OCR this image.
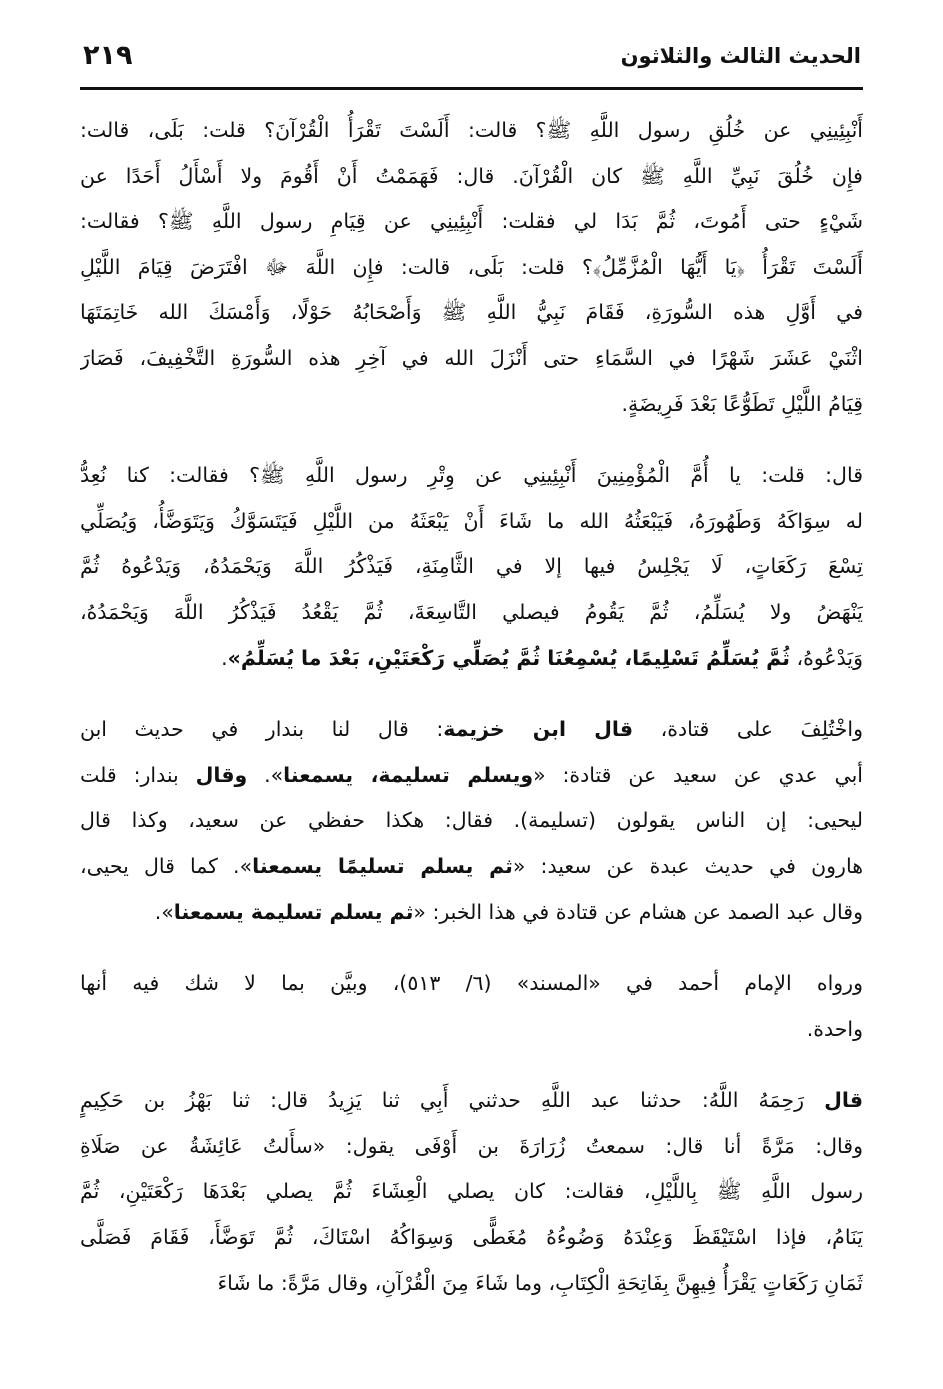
الحديث الثالث والثلاثون
٢١٩
أَنْبِئِينِي عن خُلُقِ رسول اللَّهِ ﷺ؟ قالت: أَلَسْتَ تَقْرَأُ الْقُرْآنَ؟ قلت: بَلَى، قالت:
فإِن خُلُقَ نَبِيِّ اللَّهِ ﷺ كان الْقُرْآنَ. قال: فَهَمَمْتُ أَنْ أَقُومَ ولا أَسْأَلُ أَحَدًا عن
شَيْءٍ حتى أَمُوتَ، ثُمَّ بَدَا لي فقلت: أَنْبِئِينِي عن قِيَامِ رسول اللَّهِ ﷺ؟ فقالت:
أَلَسْتَ تَقْرَأُ ﴿يَا أَيُّهَا الْمُزَّمِّلُ﴾؟ قلت: بَلَى، قالت: فإِن اللَّهَ ﷻ افْتَرَضَ قِيَامَ اللَّيْلِ
في أَوَّلِ هذه السُّورَةِ، فَقَامَ نَبِيُّ اللَّهِ ﷺ وَأَصْحَابُهُ حَوْلًا، وَأَمْسَكَ الله خَاتِمَتَهَا
اثْنَيْ عَشَرَ شَهْرًا في السَّمَاءِ حتى أَنْزَلَ الله في آخِرِ هذه السُّورَةِ التَّخْفِيفَ، فَصَارَ
قِيَامُ اللَّيْلِ تَطَوُّعًا بَعْدَ فَرِيضَةٍ.
قال: قلت: يا أُمَّ الْمُؤْمِنِينَ أَنْبِئِينِي عن وِتْرِ رسول اللَّهِ ﷺ؟ فقالت: كنا نُعِدُّ
له سِوَاكَهُ وَطَهُورَهُ، فَيَبْعَثُهُ الله ما شَاءَ أَنْ يَبْعَثَهُ من اللَّيْلِ فَيَتَسَوَّكُ وَيَتَوَضَّأُ، وَيُصَلِّي
تِسْعَ رَكَعَاتٍ، لَا يَجْلِسُ فيها إلا في الثَّامِنَةِ، فَيَذْكُرُ اللَّهَ وَيَحْمَدُهُ، وَيَدْعُوهُ ثُمَّ
يَنْهَضُ ولا يُسَلِّمُ، ثُمَّ يَقُومُ فيصلي التَّاسِعَةَ، ثُمَّ يَقْعُدُ فَيَذْكُرُ اللَّهَ وَيَحْمَدُهُ،
وَيَدْعُوهُ، ثُمَّ يُسَلِّمُ تَسْلِيمًا، يُسْمِعُنَا ثُمَّ يُصَلِّي رَكْعَتَيْنِ، بَعْدَ ما يُسَلِّمُ».
واخْتُلِفَ على قتادة، قال ابن خزيمة: قال لنا بندار في حديث ابن
أبي عدي عن سعيد عن قتادة: «ويسلم تسليمة، يسمعنا». وقال بندار: قلت
ليحيى: إن الناس يقولون (تسليمة). فقال: هكذا حفظي عن سعيد، وكذا قال
هارون في حديث عبدة عن سعيد: «ثم يسلم تسليمًا يسمعنا». كما قال يحيى،
وقال عبد الصمد عن هشام عن قتادة في هذا الخبر: «ثم يسلم تسليمة يسمعنا».
ورواه الإمام أحمد في «المسند» (٦/ ٥١٣)، وبيَّن بما لا شك فيه أنها
واحدة.
قال رَحِمَهُ اللَّهُ: حدثنا عبد اللَّهِ حدثني أَبِي ثنا يَزِيدُ قال: ثنا بَهْزُ بن حَكِيمٍ
وقال: مَرَّةً أنا قال: سمعتُ زُرَارَةَ بن أَوْفَى يقول: «سأَلتُ عَائِشَةُ عن صَلَاةِ
رسول اللَّهِ ﷺ بِاللَّيْلِ، فقالت: كان يصلي الْعِشَاءَ ثُمَّ يصلي بَعْدَهَا رَكْعَتَيْنِ، ثُمَّ
يَنَامُ، فإذا اسْتَيْقَظَ وَعِنْدَهُ وَضُوءُهُ مُغَطًّى وَسِوَاكُهُ اسْتَاكَ، ثُمَّ تَوَضَّأَ، فَقَامَ فَصَلَّى
ثَمَانِ رَكَعَاتٍ يَقْرَأُ فِيهِنَّ بِفَاتِحَةِ الْكِتَابِ، وما شَاءَ مِنَ الْقُرْآنِ، وقال مَرَّةً: ما شَاءَ
